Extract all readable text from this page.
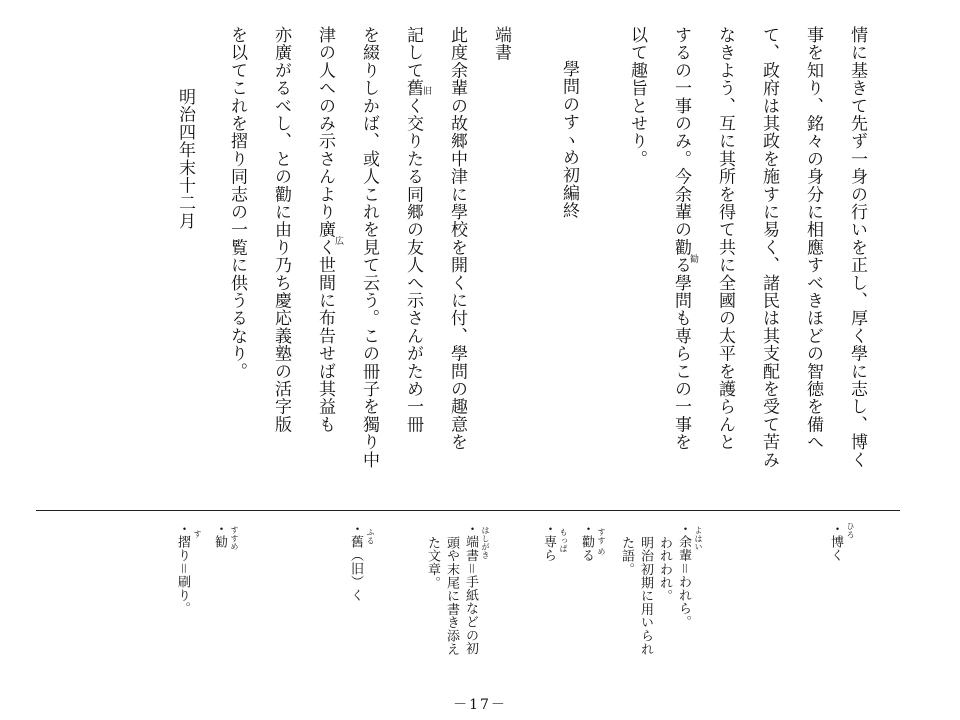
情に基きて先ず一身の行いを正し、厚く學に志し、博く
事を知り、銘々の身分に相應すべきほどの智徳を備へ
て、政府は其政を施すに易く、諸民は其支配を受て苦み
なきよう、互に其所を得て共に全國の太平を護らんと
するの一事のみ。今余輩の勸る學問も専らこの一事を
以て趣旨とせり。
學問のすヽめ初編終
端書
此度余輩の故郷中津に學校を開くに付、學問の趣意を
記して舊く交りたる同郷の友人へ示さんがため一冊
を綴りしかば、或人これを見て云う。この冊子を獨り中
津の人へのみ示さんより廣く世間に布告せば其益も
亦廣がるべし、との勸に由り乃ち慶応義塾の活字版
を以てこれを摺り同志の一覧に供うるなり。
明治四年末十二月	旧
広
勧
ひろ
・博く
よはい
・余輩＝われら。
われわれ。
明治初期に用いられ
た語。
すす め
・勸る
もっぱ
・専ら
はしがき
・端書＝手紙などの初
頭や末尾に書き添え
た文章。
ふる
・舊（旧）く
すすめ
・勧
す
・摺り＝刷り。
－17－
